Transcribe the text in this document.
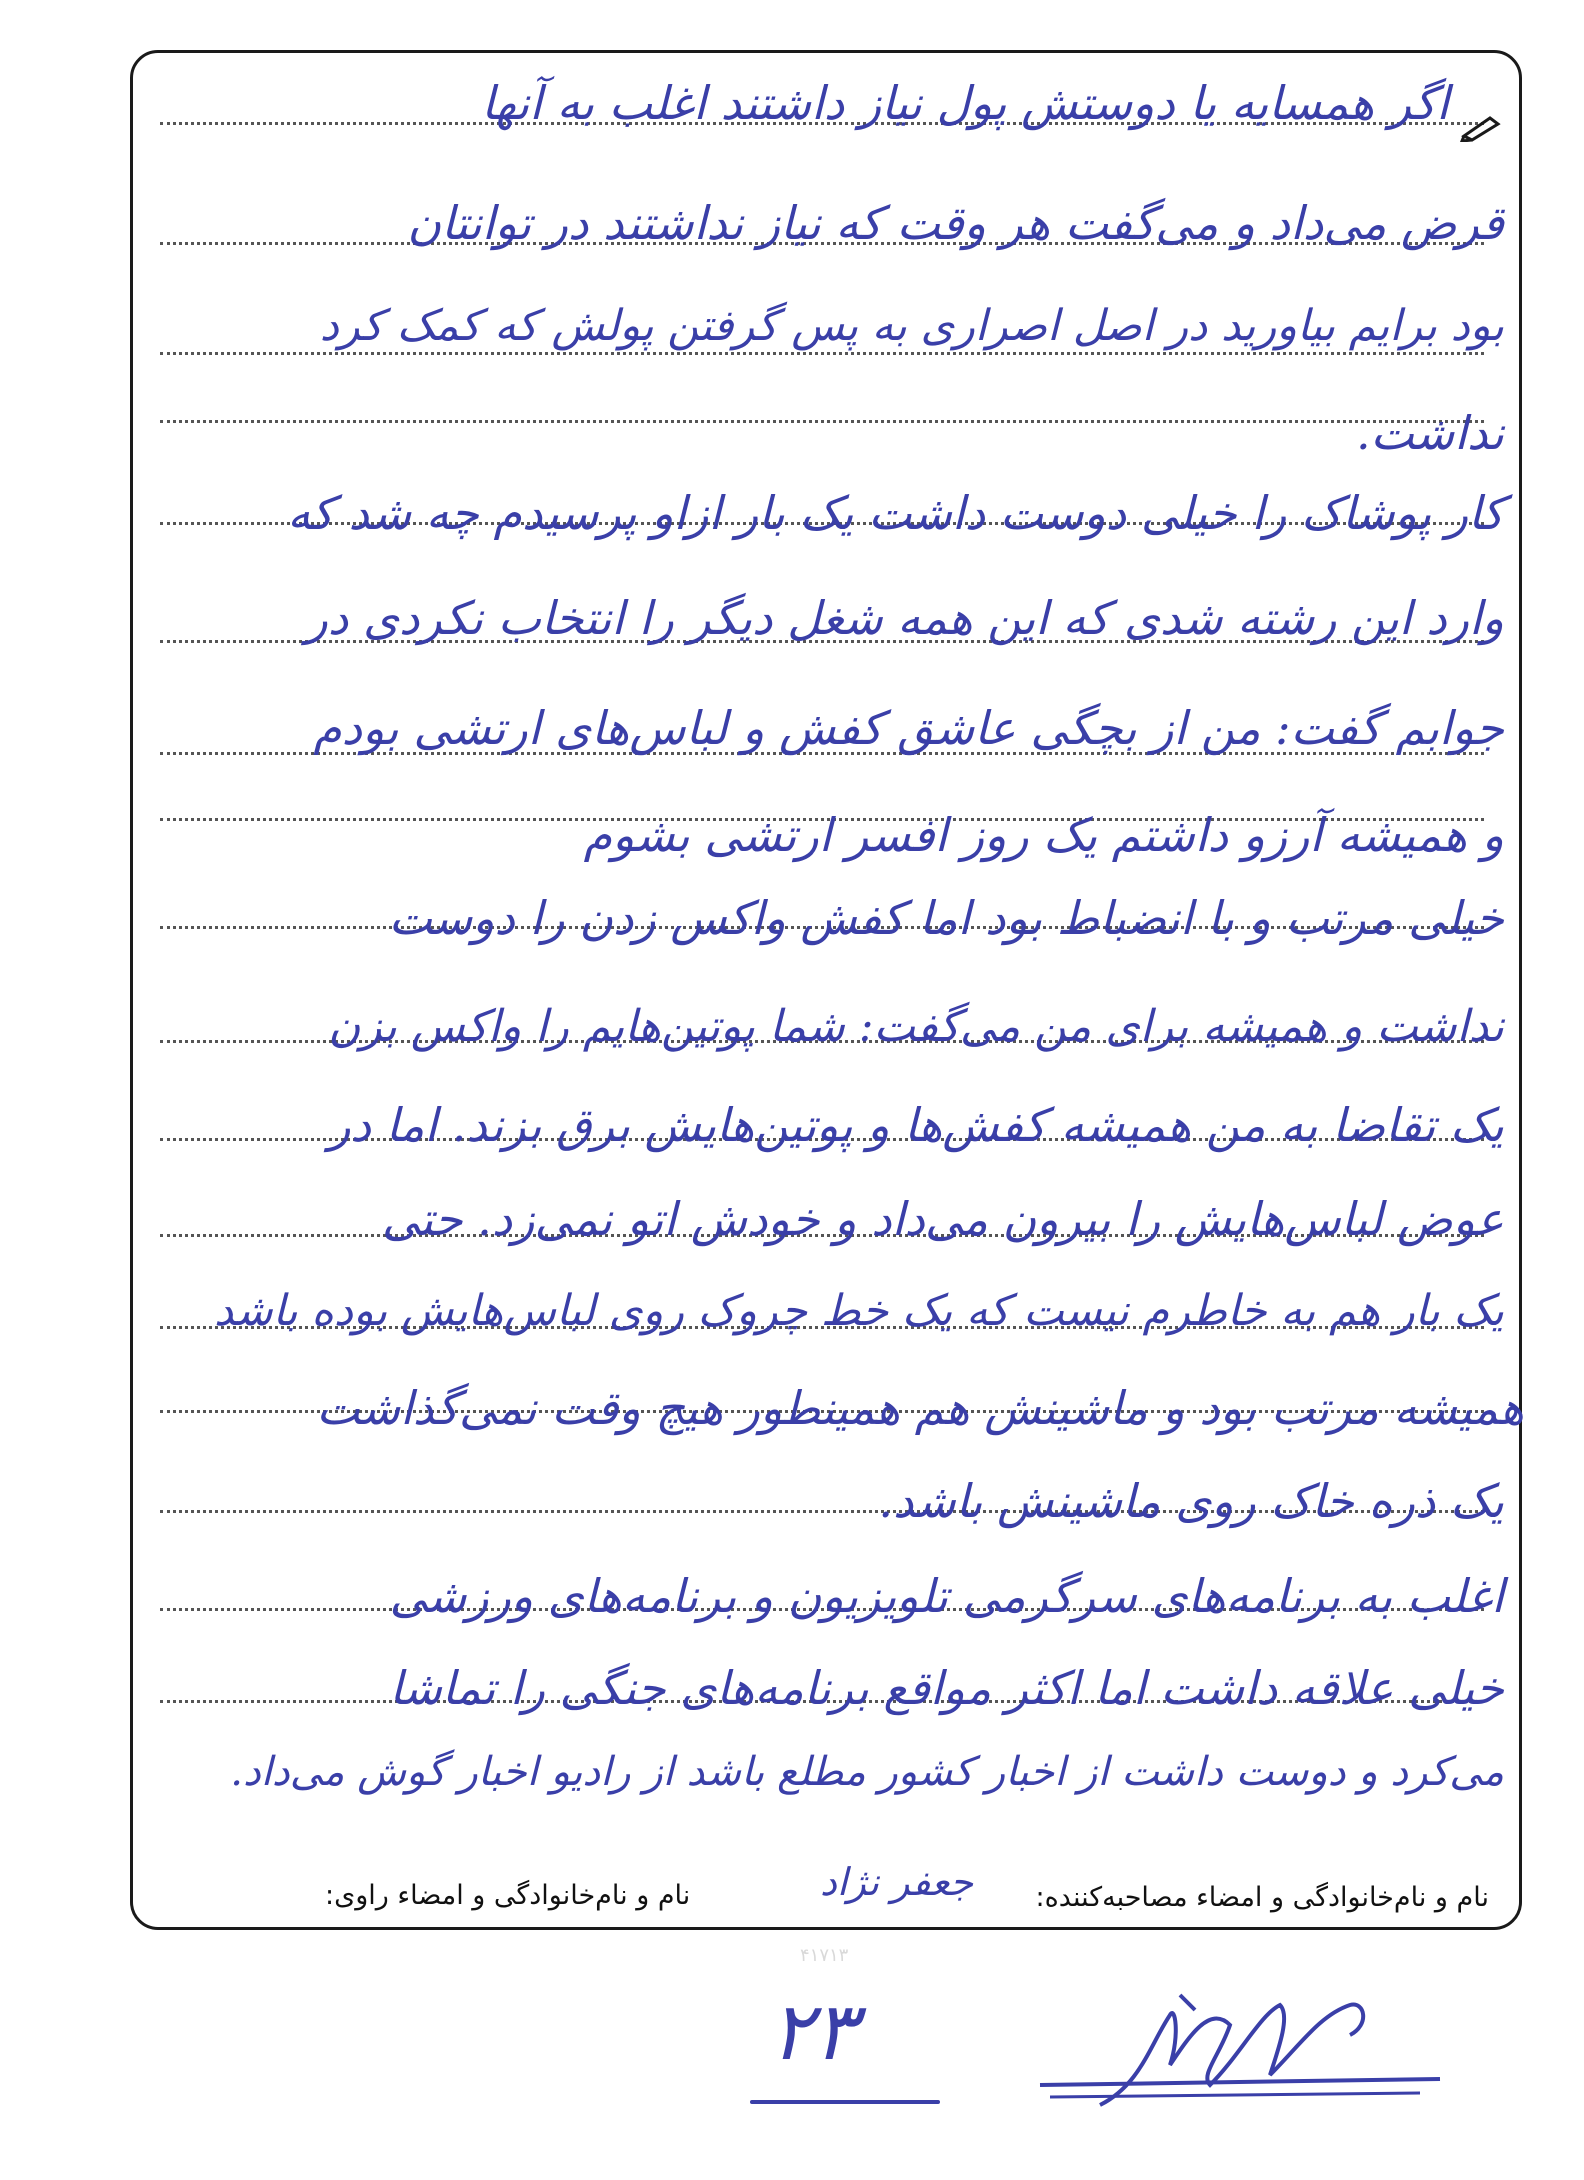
اگر همسایه یا دوستش پول نیاز داشتند اغلب به آنها
قرض می‌داد و می‌گفت هر وقت که نیاز نداشتند در توانتان
بود برایم بیاورید در اصل اصراری به پس گرفتن پولش که کمک کرد
نداشت.
کار پوشاک را خیلی دوست داشت یک بار ازاو پرسیدم چه شد که
وارد این رشته شدی که این همه شغل دیگر را انتخاب نکردی در
جوابم گفت: من از بچگی عاشق کفش و لباس‌های ارتشی بودم
و همیشه آرزو داشتم یک روز افسر ارتشی بشوم
خیلی مرتب و با انضباط بود اما کفش واکس زدن را دوست
نداشت و همیشه برای من می‌گفت: شما پوتین‌هایم را واکس بزن
یک تقاضا به من همیشه کفش‌ها و پوتین‌هایش برق بزند. اما در
عوض لباس‌هایش را بیرون می‌داد و خودش اتو نمی‌زد. حتی
یک بار هم به خاطرم نیست که یک خط چروک روی لباس‌هایش بوده باشد
همیشه مرتب بود و ماشینش هم همینطور هیچ وقت نمی‌گذاشت
یک ذره خاک روی ماشینش باشد.
اغلب به برنامه‌های سرگرمی تلویزیون و برنامه‌های ورزشی
خیلی علاقه داشت اما اکثر مواقع برنامه‌های جنگی را تماشا
می‌کرد و دوست داشت از اخبار کشور مطلع باشد از رادیو اخبار گوش می‌داد.
نام و نام‌خانوادگی و امضاء مصاحبه‌کننده:
جعفر نژاد
نام و نام‌خانوادگی و امضاء راوی:
۴۱۷۱۳
۲۳
